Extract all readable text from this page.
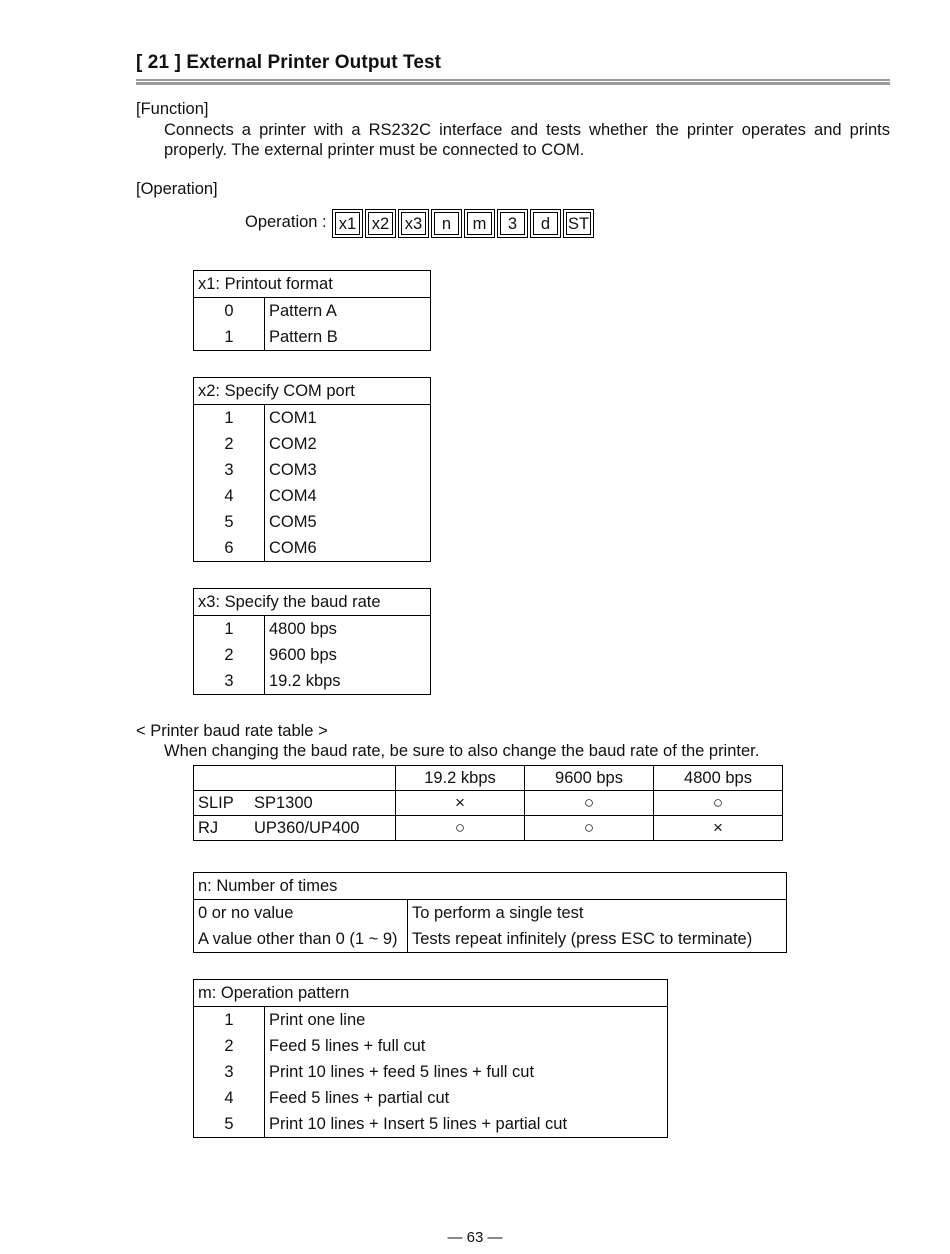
[ 21 ] External Printer Output Test
[Function]
Connects a printer with a RS232C interface and tests whether the printer operates and prints
properly. The external printer must be connected to COM.
[Operation]
Operation : x1 x2 x3	n	m	3	d	ST
x1: Printout format	
0	Pattern A
1	Pattern B
x2: Specify COM port	
1	COM1
2	COM2
3	COM3
4	COM4
5	COM5
6	COM6
x3: Specify the baud rate	
1	4800 bps
2	9600 bps
3	19.2 kbps
< Printer baud rate table >
When changing the baud rate, be sure to also change the baud rate of the printer.
	19.2 kbps	9600 bps	4800 bps
SLIP SP1300	×	○	○
RJ UP360/UP400	○	○	×
n: Number of times	
0 or no value	To perform a single test
A value other than 0 (1 ~ 9)	Tests repeat infinitely (press ESC to terminate)
m: Operation pattern	
1	Print one line
2	Feed 5 lines + full cut
3	Print 10 lines + feed 5 lines + full cut
4	Feed 5 lines + partial cut
5	Print 10 lines + Insert 5 lines + partial cut
— 63 —
